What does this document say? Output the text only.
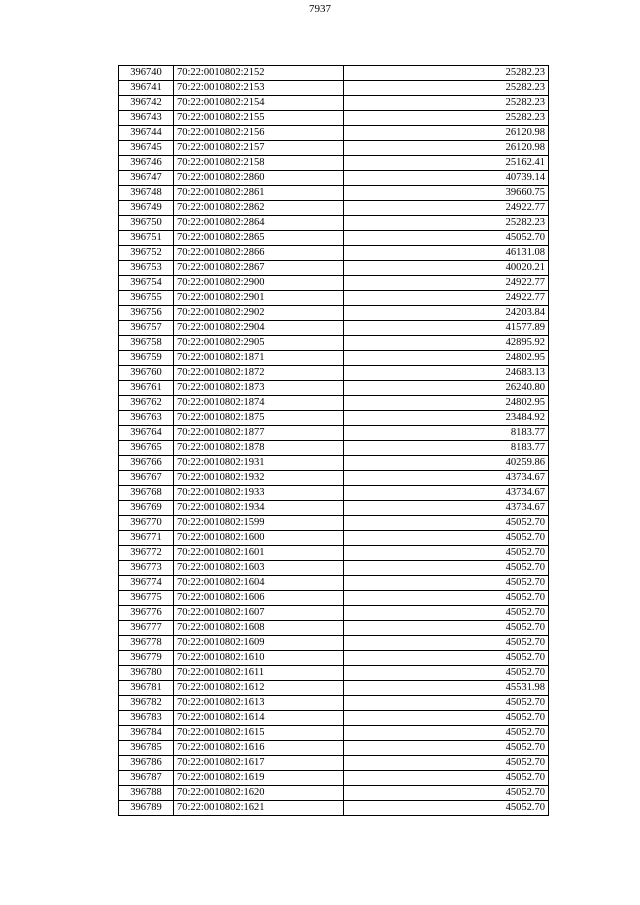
7937
396740	70:22:0010802:2152	25282.23
396741	70:22:0010802:2153	25282.23
396742	70:22:0010802:2154	25282.23
396743	70:22:0010802:2155	25282.23
396744	70:22:0010802:2156	26120.98
396745	70:22:0010802:2157	26120.98
396746	70:22:0010802:2158	25162.41
396747	70:22:0010802:2860	40739.14
396748	70:22:0010802:2861	39660.75
396749	70:22:0010802:2862	24922.77
396750	70:22:0010802:2864	25282.23
396751	70:22:0010802:2865	45052.70
396752	70:22:0010802:2866	46131.08
396753	70:22:0010802:2867	40020.21
396754	70:22:0010802:2900	24922.77
396755	70:22:0010802:2901	24922.77
396756	70:22:0010802:2902	24203.84
396757	70:22:0010802:2904	41577.89
396758	70:22:0010802:2905	42895.92
396759	70:22:0010802:1871	24802.95
396760	70:22:0010802:1872	24683.13
396761	70:22:0010802:1873	26240.80
396762	70:22:0010802:1874	24802.95
396763	70:22:0010802:1875	23484.92
396764	70:22:0010802:1877	8183.77
396765	70:22:0010802:1878	8183.77
396766	70:22:0010802:1931	40259.86
396767	70:22:0010802:1932	43734.67
396768	70:22:0010802:1933	43734.67
396769	70:22:0010802:1934	43734.67
396770	70:22:0010802:1599	45052.70
396771	70:22:0010802:1600	45052.70
396772	70:22:0010802:1601	45052.70
396773	70:22:0010802:1603	45052.70
396774	70:22:0010802:1604	45052.70
396775	70:22:0010802:1606	45052.70
396776	70:22:0010802:1607	45052.70
396777	70:22:0010802:1608	45052.70
396778	70:22:0010802:1609	45052.70
396779	70:22:0010802:1610	45052.70
396780	70:22:0010802:1611	45052.70
396781	70:22:0010802:1612	45531.98
396782	70:22:0010802:1613	45052.70
396783	70:22:0010802:1614	45052.70
396784	70:22:0010802:1615	45052.70
396785	70:22:0010802:1616	45052.70
396786	70:22:0010802:1617	45052.70
396787	70:22:0010802:1619	45052.70
396788	70:22:0010802:1620	45052.70
396789	70:22:0010802:1621	45052.70
